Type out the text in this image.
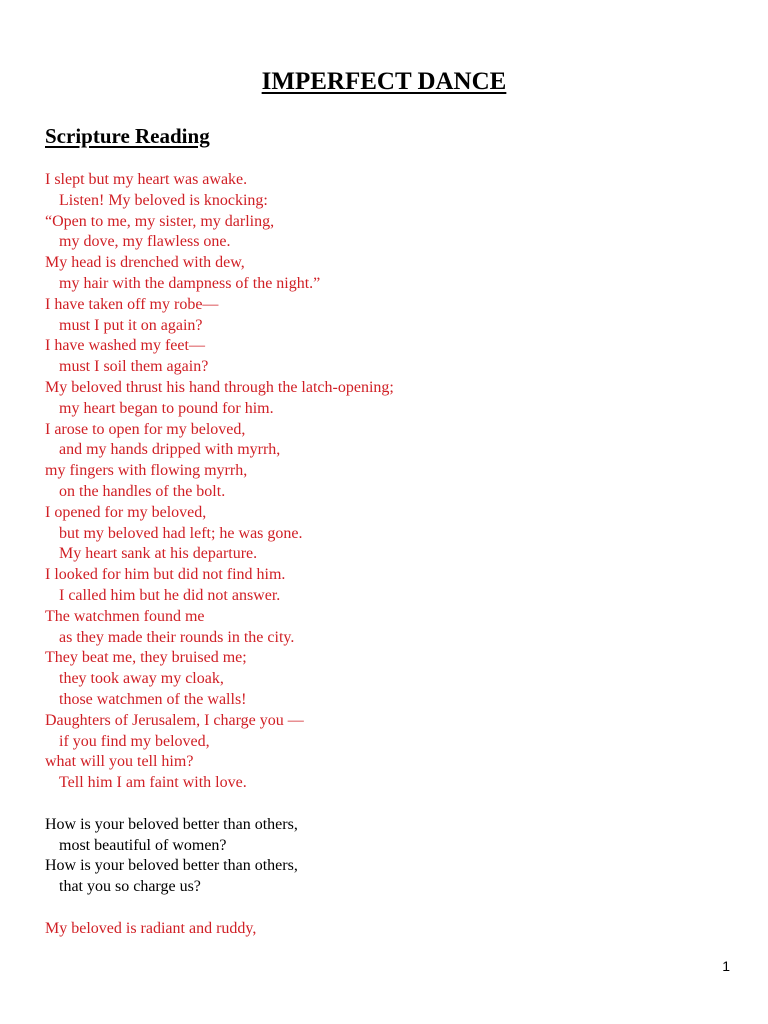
IMPERFECT DANCE
Scripture Reading
I slept but my heart was awake.
Listen! My beloved is knocking:
“Open to me, my sister, my darling,
my dove, my flawless one.
My head is drenched with dew,
my hair with the dampness of the night.”
I have taken off my robe—
must I put it on again?
I have washed my feet—
must I soil them again?
My beloved thrust his hand through the latch-opening;
my heart began to pound for him.
I arose to open for my beloved,
and my hands dripped with myrrh,
my fingers with flowing myrrh,
on the handles of the bolt.
I opened for my beloved,
but my beloved had left; he was gone.
My heart sank at his departure.
I looked for him but did not find him.
I called him but he did not answer.
The watchmen found me
as they made their rounds in the city.
They beat me, they bruised me;
they took away my cloak,
those watchmen of the walls!
Daughters of Jerusalem, I charge you —
if you find my beloved,
what will you tell him?
Tell him I am faint with love.
How is your beloved better than others,
most beautiful of women?
How is your beloved better than others,
that you so charge us?
My beloved is radiant and ruddy,
1
